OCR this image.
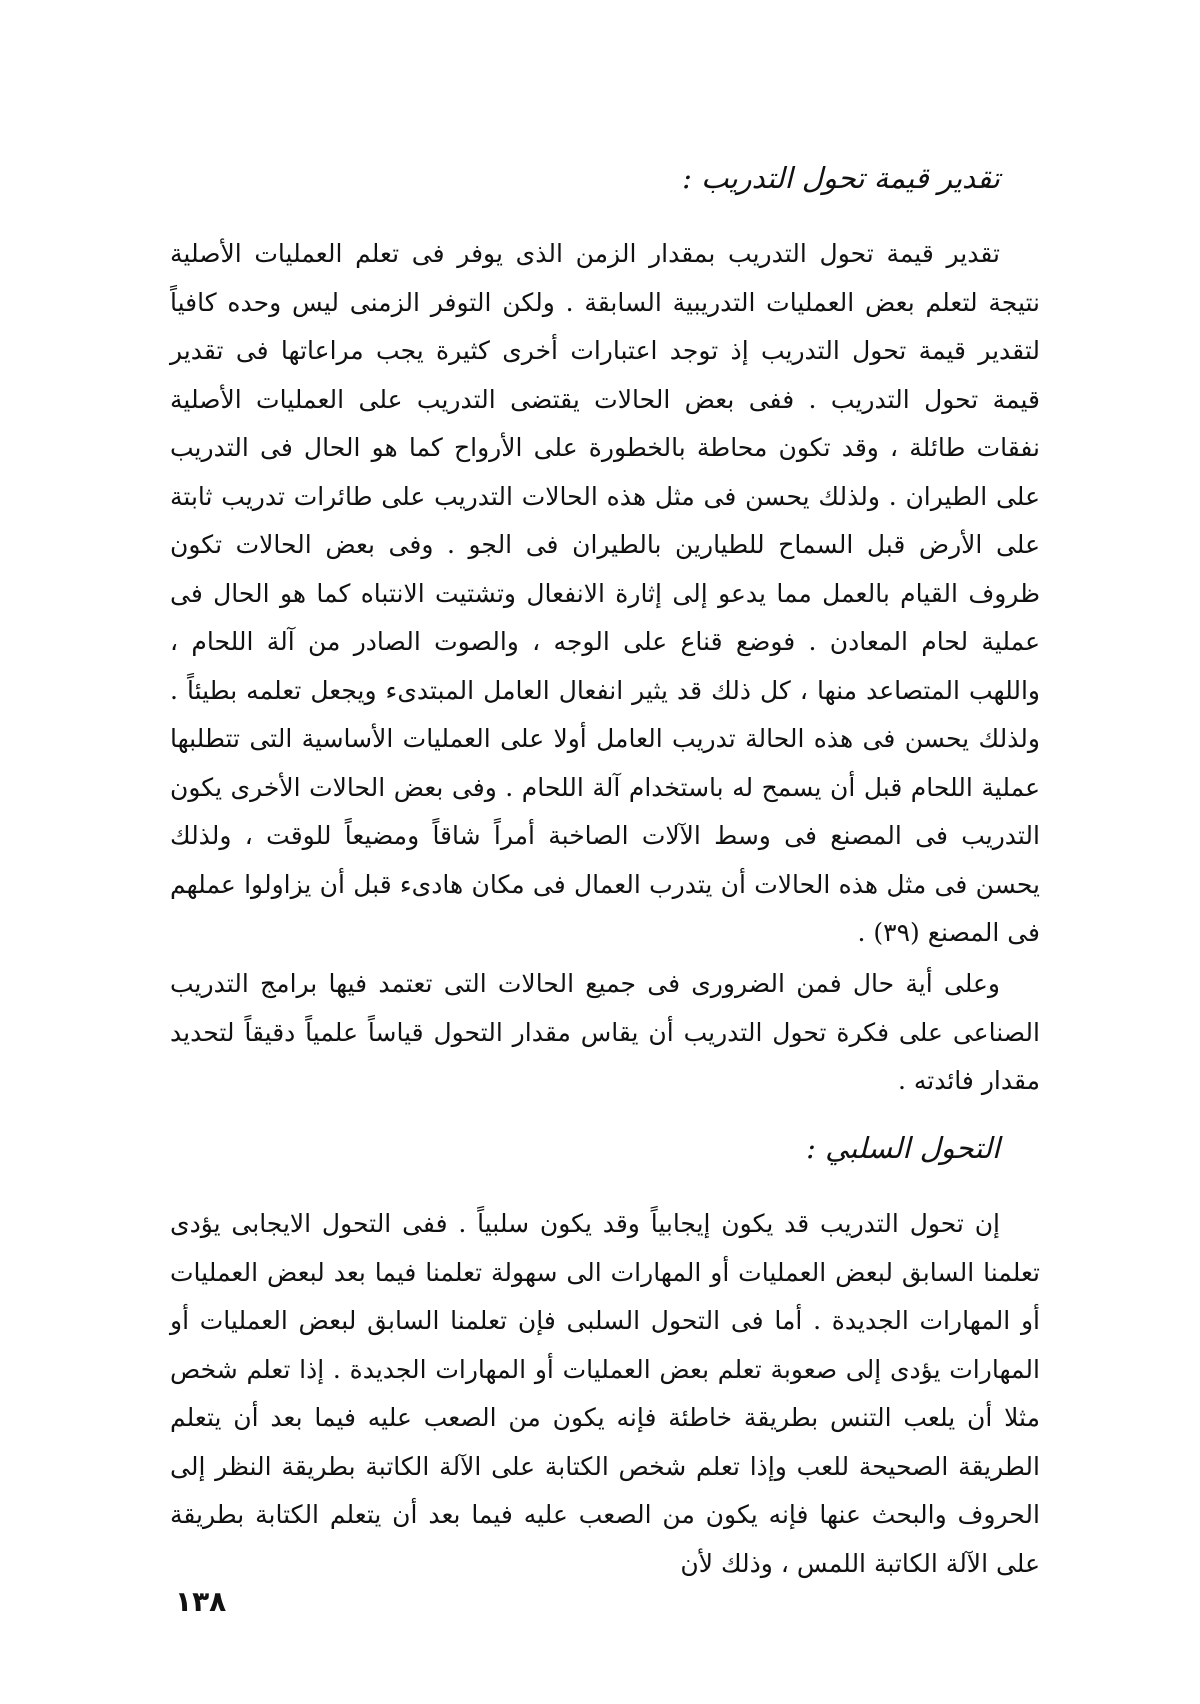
تقدير قيمة تحول التدريب :

تقدير قيمة تحول التدريب بمقدار الزمن الذى يوفر فى تعلم العمليات الأصلية نتيجة لتعلم بعض العمليات التدريبية السابقة . ولكن التوفر الزمنى ليس وحده كافياً لتقدير قيمة تحول التدريب إذ توجد اعتبارات أخرى كثيرة يجب مراعاتها فى تقدير قيمة تحول التدريب . ففى بعض الحالات يقتضى التدريب على العمليات الأصلية نفقات طائلة ، وقد تكون محاطة بالخطورة على الأرواح كما هو الحال فى التدريب على الطيران . ولذلك يحسن فى مثل هذه الحالات التدريب على طائرات تدريب ثابتة على الأرض قبل السماح للطيارين بالطيران فى الجو . وفى بعض الحالات تكون ظروف القيام بالعمل مما يدعو إلى إثارة الانفعال وتشتيت الانتباه كما هو الحال فى عملية لحام المعادن . فوضع قناع على الوجه ، والصوت الصادر من آلة اللحام ، واللهب المتصاعد منها ، كل ذلك قد يثير انفعال العامل المبتدىء ويجعل تعلمه بطيئاً . ولذلك يحسن فى هذه الحالة تدريب العامل أولا على العمليات الأساسية التى تتطلبها عملية اللحام قبل أن يسمح له باستخدام آلة اللحام . وفى بعض الحالات الأخرى يكون التدريب فى المصنع فى وسط الآلات الصاخبة أمراً شاقاً ومضيعاً للوقت ، ولذلك يحسن فى مثل هذه الحالات أن يتدرب العمال فى مكان هادىء قبل أن يزاولوا عملهم فى المصنع (٣٩) .

وعلى أية حال فمن الضرورى فى جميع الحالات التى تعتمد فيها برامج التدريب الصناعى على فكرة تحول التدريب أن يقاس مقدار التحول قياساً علمياً دقيقاً لتحديد مقدار فائدته .

التحول السلبي :

إن تحول التدريب قد يكون إيجابياً وقد يكون سلبياً . ففى التحول الايجابى يؤدى تعلمنا السابق لبعض العمليات أو المهارات الى سهولة تعلمنا فيما بعد لبعض العمليات أو المهارات الجديدة . أما فى التحول السلبى فإن تعلمنا السابق لبعض العمليات أو المهارات يؤدى إلى صعوبة تعلم بعض العمليات أو المهارات الجديدة . إذا تعلم شخص مثلا أن يلعب التنس بطريقة خاطئة فإنه يكون من الصعب عليه فيما بعد أن يتعلم الطريقة الصحيحة للعب وإذا تعلم شخص الكتابة على الآلة الكاتبة بطريقة النظر إلى الحروف والبحث عنها فإنه يكون من الصعب عليه فيما بعد أن يتعلم الكتابة بطريقة على الآلة الكاتبة اللمس ، وذلك لأن

١٣٨
